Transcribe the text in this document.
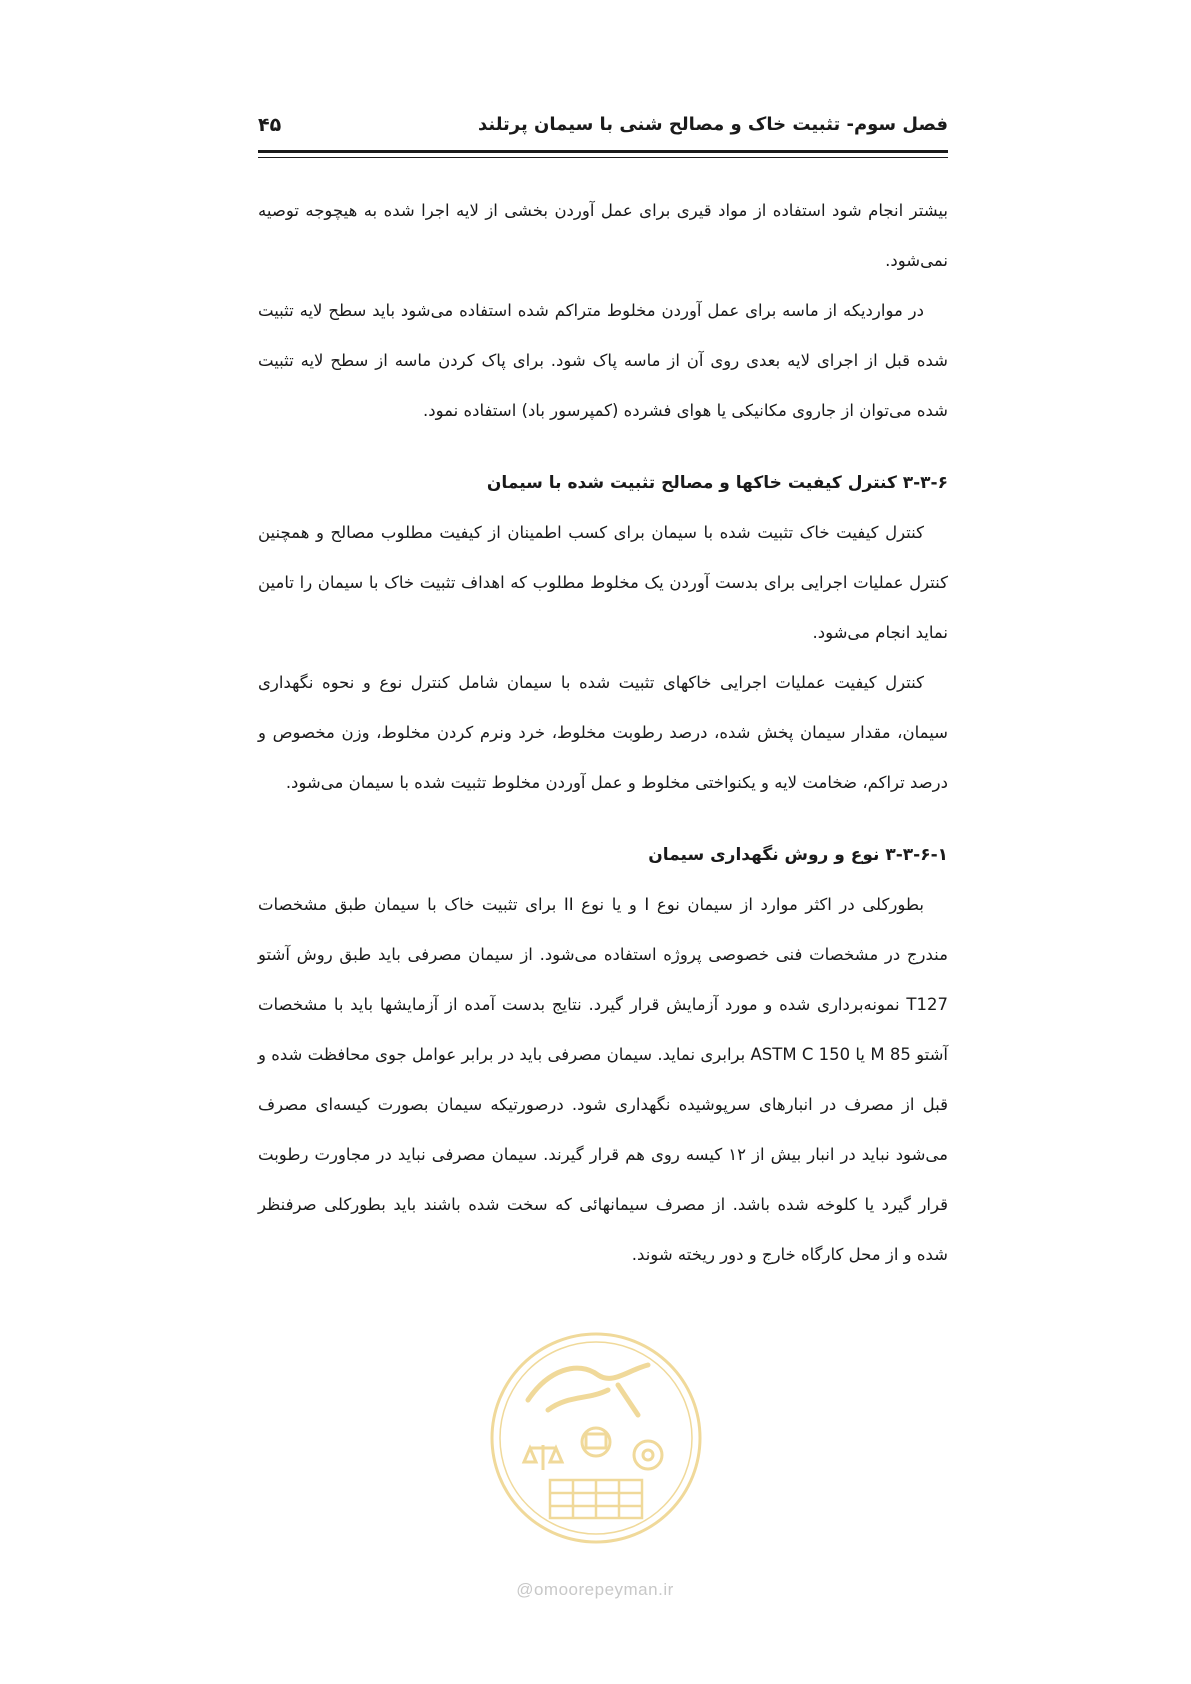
فصل سوم- تثبیت خاک و مصالح شنی با سیمان پرتلند
۴۵

بیشتر انجام شود استفاده از مواد قیری برای عمل آوردن بخشی از لایه اجرا شده به هیچوجه توصیه نمی‌شود.

در مواردیکه از ماسه برای عمل آوردن مخلوط متراکم شده استفاده می‌شود باید سطح لایه تثبیت شده قبل از اجرای لایه بعدی روی آن از ماسه پاک شود. برای پاک کردن ماسه از سطح لایه تثبیت شده می‌توان از جاروی مکانیکی یا هوای فشرده (کمپرسور باد) استفاده نمود.

۳-۳-۶ کنترل کیفیت خاکها و مصالح تثبیت شده با سیمان

کنترل کیفیت خاک تثبیت شده با سیمان برای کسب اطمینان از کیفیت مطلوب مصالح و همچنین کنترل عملیات اجرایی برای بدست آوردن یک مخلوط مطلوب که اهداف تثبیت خاک با سیمان را تامین نماید انجام می‌شود.

کنترل کیفیت عملیات اجرایی خاکهای تثبیت شده با سیمان شامل کنترل نوع و نحوه نگهداری سیمان، مقدار سیمان پخش شده، درصد رطوبت مخلوط، خرد ونرم کردن مخلوط، وزن مخصوص و درصد تراکم، ضخامت لایه و یکنواختی مخلوط و عمل آوردن مخلوط تثبیت شده با سیمان می‌شود.

۳-۳-۶-۱ نوع و روش نگهداری سیمان

بطورکلی در اکثر موارد از سیمان نوع I و یا نوع II برای تثبیت خاک با سیمان طبق مشخصات مندرج در مشخصات فنی خصوصی پروژه استفاده می‌شود. از سیمان مصرفی باید طبق روش آشتو T127 نمونه‌برداری شده و مورد آزمایش قرار گیرد. نتایج بدست آمده از آزمایشها باید با مشخصات آشتو M 85 یا ASTM C 150 برابری نماید. سیمان مصرفی باید در برابر عوامل جوی محافظت شده و قبل از مصرف در انبارهای سرپوشیده نگهداری شود. درصورتیکه سیمان بصورت کیسه‌ای مصرف می‌شود نباید در انبار بیش از ۱۲ کیسه روی هم قرار گیرند. سیمان مصرفی نباید در مجاورت رطوبت قرار گیرد یا کلوخه شده باشد. از مصرف سیمانهائی که سخت شده باشند باید بطورکلی صرفنظر شده و از محل کارگاه خارج و دور ریخته شوند.

@omoorepeyman.ir
